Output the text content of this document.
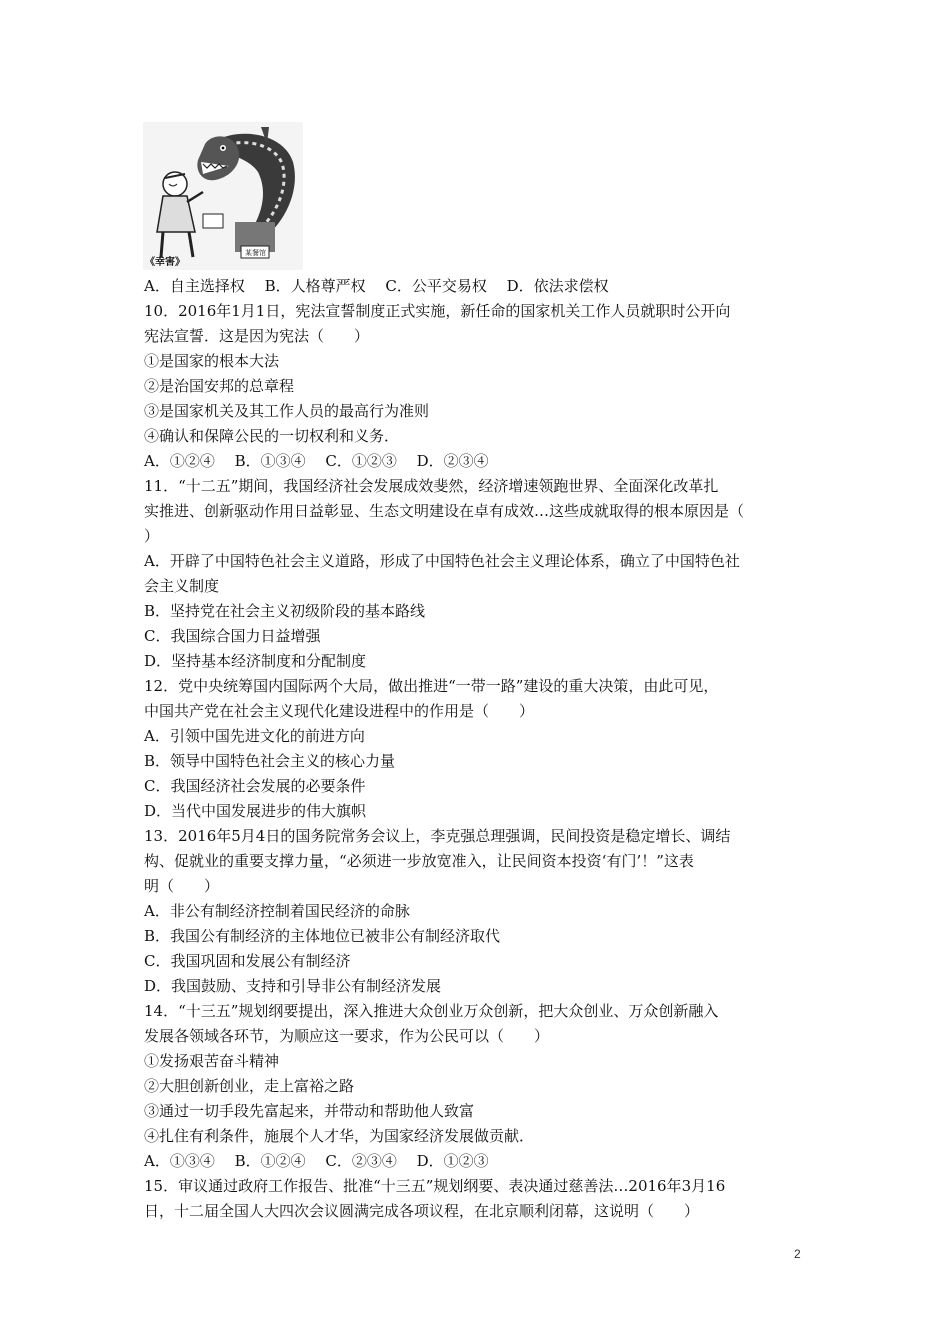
《幸害》
某餐馆
A．自主选择权　 B．人格尊严权　 C．公平交易权　 D．依法求偿权
10．2016年1月1日，宪法宣誓制度正式实施，新任命的国家机关工作人员就职时公开向
宪法宣誓．这是因为宪法（　　）
①是国家的根本大法
②是治国安邦的总章程
③是国家机关及其工作人员的最高行为准则
④确认和保障公民的一切权利和义务．
A．①②④　 B．①③④　 C．①②③　 D．②③④
11．“十二五”期间，我国经济社会发展成效斐然，经济增速领跑世界、全面深化改革扎
实推进、创新驱动作用日益彰显、生态文明建设在卓有成效…这些成就取得的根本原因是（
）
A．开辟了中国特色社会主义道路，形成了中国特色社会主义理论体系，确立了中国特色社
会主义制度
B．坚持党在社会主义初级阶段的基本路线
C．我国综合国力日益增强
D．坚持基本经济制度和分配制度
12．党中央统筹国内国际两个大局，做出推进“一带一路”建设的重大决策，由此可见，
中国共产党在社会主义现代化建设进程中的作用是（　　）
A．引领中国先进文化的前进方向
B．领导中国特色社会主义的核心力量
C．我国经济社会发展的必要条件
D．当代中国发展进步的伟大旗帜
13．2016年5月4日的国务院常务会议上，李克强总理强调，民间投资是稳定增长、调结
构、促就业的重要支撑力量，“必须进一步放宽准入，让民间资本投资‘有门’！”这表
明（　　）
A．非公有制经济控制着国民经济的命脉
B．我国公有制经济的主体地位已被非公有制经济取代
C．我国巩固和发展公有制经济
D．我国鼓励、支持和引导非公有制经济发展
14．“十三五”规划纲要提出，深入推进大众创业万众创新，把大众创业、万众创新融入
发展各领域各环节，为顺应这一要求，作为公民可以（　　）
①发扬艰苦奋斗精神
②大胆创新创业，走上富裕之路
③通过一切手段先富起来，并带动和帮助他人致富
④扎住有利条件，施展个人才华，为国家经济发展做贡献．
A．①③④　 B．①②④　 C．②③④　 D．①②③
15．审议通过政府工作报告、批准“十三五”规划纲要、表决通过慈善法…2016年3月16
日，十二届全国人大四次会议圆满完成各项议程，在北京顺利闭幕，这说明（　　）
2
